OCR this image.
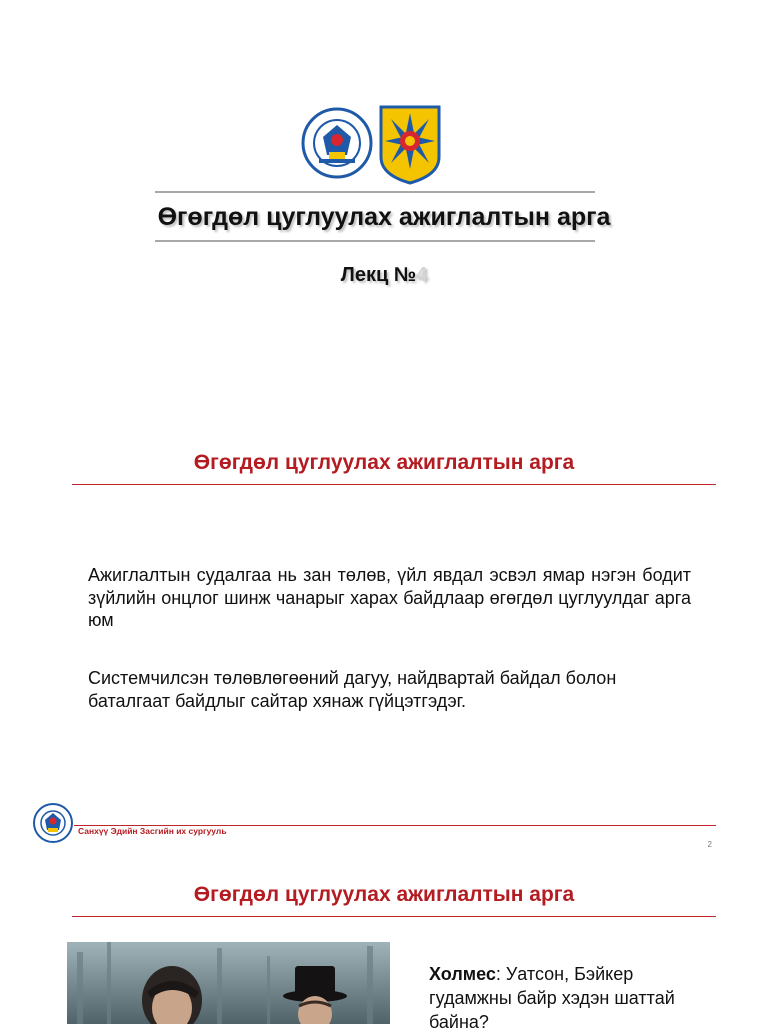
Өгөгдөл цуглуулах ажиглалтын арга
Лекц №4
Өгөгдөл цуглуулах ажиглалтын арга
Ажиглалтын судалгаа нь зан төлөв, үйл явдал эсвэл ямар нэгэн бодит зүйлийн онцлог шинж чанарыг харах байдлаар өгөгдөл цуглуулдаг арга юм
Системчилсэн төлөвлөгөөний дагуу, найдвартай байдал болон баталгаат байдлыг сайтар хянаж гүйцэтгэдэг.
Санхүү Эдийн Засгийн их сургууль
2
Өгөгдөл цуглуулах ажиглалтын арга
Холмес: Уатсон, Бэйкер гудамжны байр хэдэн шаттай байна?
